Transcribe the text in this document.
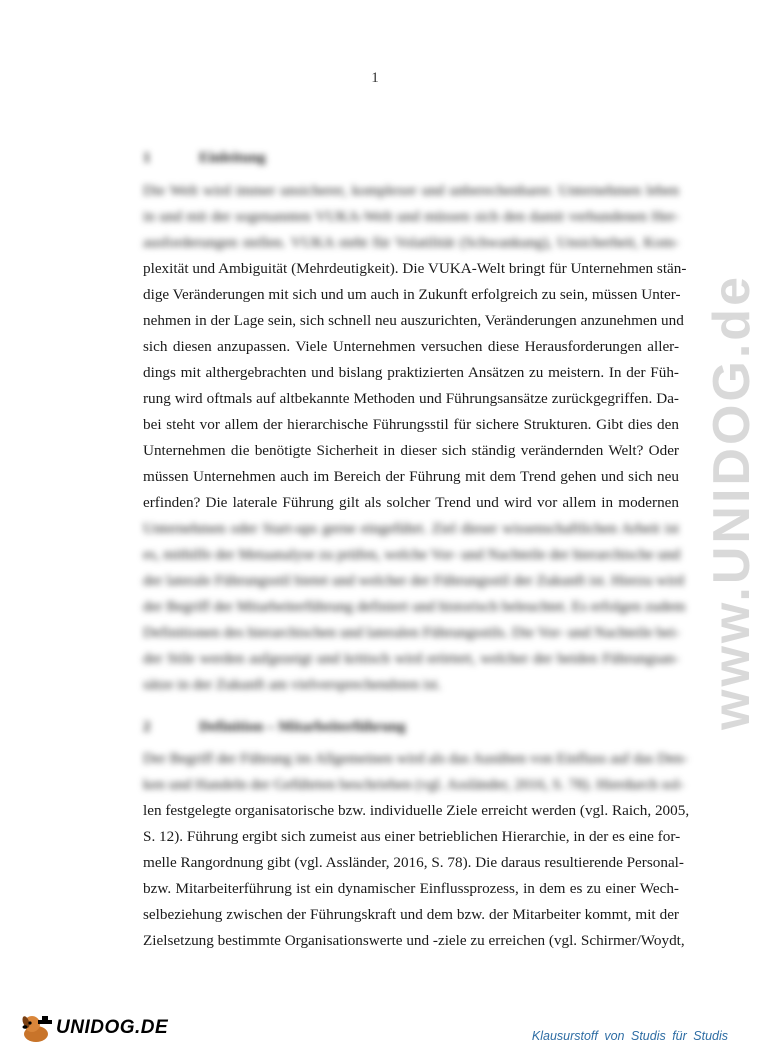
1
1	Einleitung
Die Welt wird immer unsicherer, komplexer und unberechenbarer. Unternehmen leben
in und mit der sogenannten VUKA-Welt und müssen sich den damit verbundenen Her-
ausforderungen stellen. VUKA steht für Volatilität (Schwankung), Unsicherheit, Kom-
plexität und Ambiguität (Mehrdeutigkeit). Die VUKA-Welt bringt für Unternehmen stän-
dige Veränderungen mit sich und um auch in Zukunft erfolgreich zu sein, müssen Unter-
nehmen in der Lage sein, sich schnell neu auszurichten, Veränderungen anzunehmen und
sich diesen anzupassen. Viele Unternehmen versuchen diese Herausforderungen aller-
dings mit althergebrachten und bislang praktizierten Ansätzen zu meistern. In der Füh-
rung wird oftmals auf altbekannte Methoden und Führungsansätze zurückgegriffen. Da-
bei steht vor allem der hierarchische Führungsstil für sichere Strukturen. Gibt dies den
Unternehmen die benötigte Sicherheit in dieser sich ständig verändernden Welt? Oder
müssen Unternehmen auch im Bereich der Führung mit dem Trend gehen und sich neu
erfinden? Die laterale Führung gilt als solcher Trend und wird vor allem in modernen
Unternehmen oder Start-ups gerne eingeführt. Ziel dieser wissenschaftlichen Arbeit ist
es, mithilfe der Metaanalyse zu prüfen, welche Vor- und Nachteile der hierarchische und
der laterale Führungsstil bietet und welcher der Führungsstil der Zukunft ist. Hierzu wird
der Begriff der Mitarbeiterführung definiert und historisch beleuchtet. Es erfolgen zudem
Definitionen des hierarchischen und lateralen Führungsstils. Die Vor- und Nachteile bei-
der Stile werden aufgezeigt und kritisch wird erörtert, welcher der beiden Führungsan-
sätze in der Zukunft am vielversprechendsten ist.
2	Definition – Mitarbeiterführung
Der Begriff der Führung im Allgemeinen wird als das Ausüben von Einfluss auf das Den-
ken und Handeln der Geführten beschrieben (vgl. Assländer, 2016, S. 78). Hierdurch sol-
len festgelegte organisatorische bzw. individuelle Ziele erreicht werden (vgl. Raich, 2005,
S. 12). Führung ergibt sich zumeist aus einer betrieblichen Hierarchie, in der es eine for-
melle Rangordnung gibt (vgl. Assländer, 2016, S. 78). Die daraus resultierende Personal-
bzw. Mitarbeiterführung ist ein dynamischer Einflussprozess, in dem es zu einer Wech-
selbeziehung zwischen der Führungskraft und dem bzw. der Mitarbeiter kommt, mit der
Zielsetzung bestimmte Organisationswerte und -ziele zu erreichen (vgl. Schirmer/Woydt,
www.UNIDOG.de
UNIDOG.DE	Klausurstoff von Studis für Studis
